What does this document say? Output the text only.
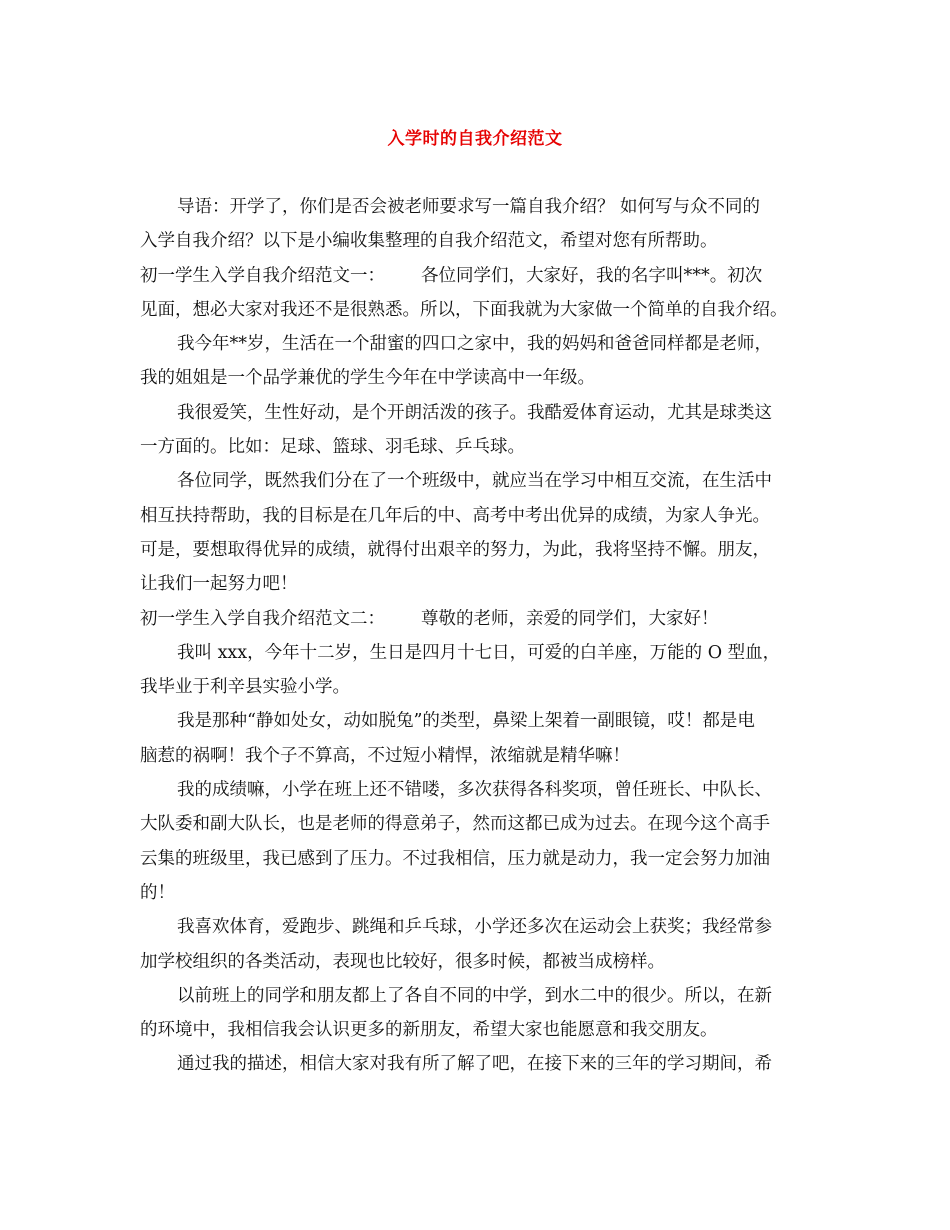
入学时的自我介绍范文
导语：开学了，你们是否会被老师要求写一篇自我介绍？ 如何写与众不同的
入学自我介绍？以下是小编收集整理的自我介绍范文，希望对您有所帮助。
初一学生入学自我介绍范文一： 各位同学们，大家好，我的名字叫***。初次
见面，想必大家对我还不是很熟悉。所以，下面我就为大家做一个简单的自我介绍。
我今年**岁，生活在一个甜蜜的四口之家中，我的妈妈和爸爸同样都是老师，
我的姐姐是一个品学兼优的学生今年在中学读高中一年级。
我很爱笑，生性好动，是个开朗活泼的孩子。我酷爱体育运动，尤其是球类这
一方面的。比如：足球、篮球、羽毛球、乒乓球。
各位同学，既然我们分在了一个班级中，就应当在学习中相互交流，在生活中
相互扶持帮助，我的目标是在几年后的中、高考中考出优异的成绩，为家人争光。
可是，要想取得优异的成绩，就得付出艰辛的努力，为此，我将坚持不懈。朋友，
让我们一起努力吧！
初一学生入学自我介绍范文二： 尊敬的老师，亲爱的同学们，大家好！
我叫 xxx，今年十二岁，生日是四月十七日，可爱的白羊座，万能的 O 型血，
我毕业于利辛县实验小学。
我是那种“静如处女，动如脱兔”的类型，鼻梁上架着一副眼镜，哎！都是电
脑惹的祸啊！我个子不算高，不过短小精悍，浓缩就是精华嘛！
我的成绩嘛，小学在班上还不错喽，多次获得各科奖项，曾任班长、中队长、
大队委和副大队长，也是老师的得意弟子，然而这都已成为过去。在现今这个高手
云集的班级里，我已感到了压力。不过我相信，压力就是动力，我一定会努力加油
的！
我喜欢体育，爱跑步、跳绳和乒乓球，小学还多次在运动会上获奖；我经常参
加学校组织的各类活动，表现也比较好，很多时候，都被当成榜样。
以前班上的同学和朋友都上了各自不同的中学，到水二中的很少。所以，在新
的环境中，我相信我会认识更多的新朋友，希望大家也能愿意和我交朋友。
通过我的描述，相信大家对我有所了解了吧，在接下来的三年的学习期间，希
